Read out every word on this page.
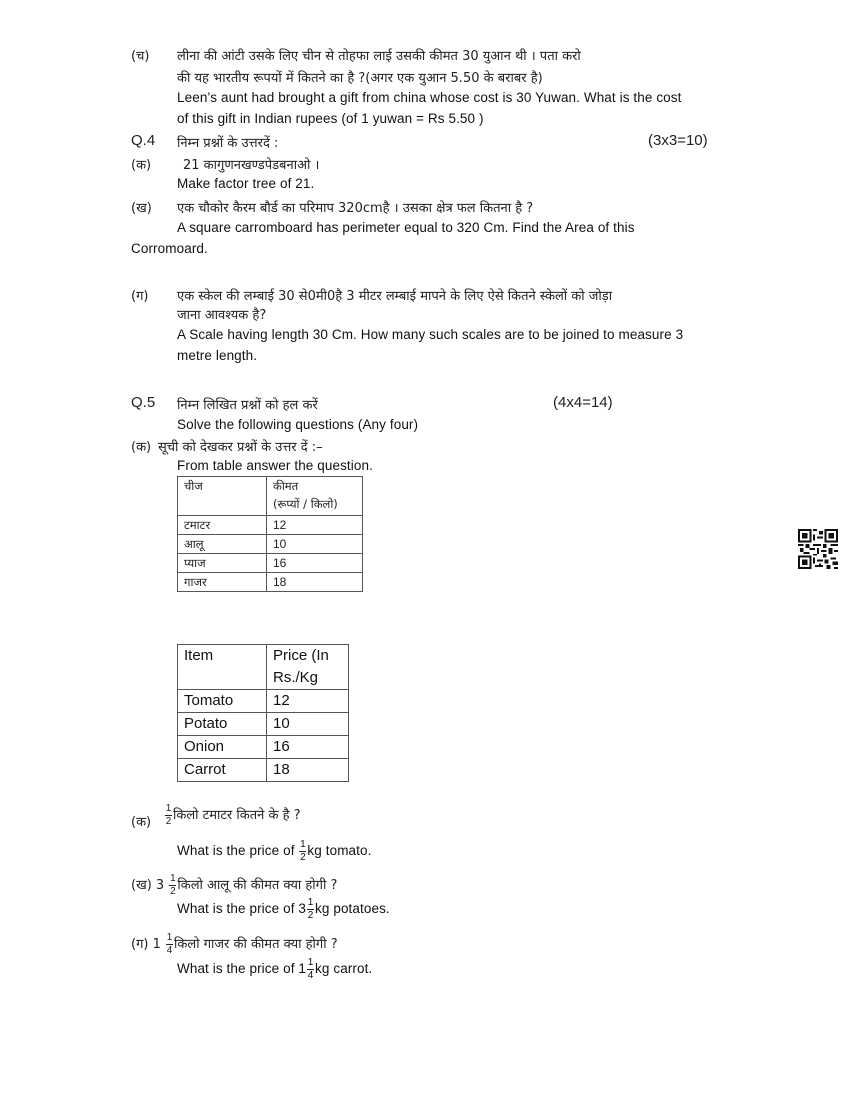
(च) लीना की आंटी उसके लिए चीन से तोहफा लाई उसकी कीमत 30 युआन थी । पता करो
की यह भारतीय रूपयों में कितने का है ?(अगर एक युआन 5.50 के बराबर है)
Leen’s aunt had brought a gift from china whose cost is 30 Yuwan. What is the cost
of this gift in Indian rupees (of 1 yuwan = Rs 5.50 )
Q.4 निम्न प्रश्नों के उत्तरदें :	(3x3=10)
(क) 21 कागुणनखण्डपेडबनाओ ।
Make factor tree of 21.
(ख) एक चौकोर कैरम बौर्ड का परिमाप 320cmहै । उसका क्षेत्र फल कितना है ?
A square carromboard has perimeter equal to 320 Cm. Find the Area of this
Corromoard.
(ग) एक स्केल की लम्बाई 30 से0मी0है 3 मीटर लम्बाई मापने के लिए ऐसे कितने स्केलों को जोड़ा
जाना आवश्यक है?
A Scale having length 30 Cm. How many such scales are to be joined to measure 3
metre length.
Q.5 निम्न लिखित प्रश्नों को हल करें	(4x4=14)
Solve the following questions (Any four)
(क) सूची को देखकर प्रश्नों के उत्तर दें :–
From table answer the question.
चीज	कीमत
(रूप्यों / किलो)

टमाटर	12
आलू	10
प्याज	16
गाजर	18
Item	Price (In
Rs./Kg

Tomato	12
Potato	10
Onion	16
Carrot	18
(क) $\frac{1}{2}$ किलो टमाटर कितने के है ?
What is the price of $\frac{1}{2}$ kg tomato.
(ख) $3 \frac{1}{2}$ किलो आलू की कीमत क्या होगी ?
What is the price of $3 \frac{1}{2}$ kg potatoes.
(ग) $1 \frac{1}{4}$ किलो गाजर की कीमत क्या होगी ?
What is the price of $1 \frac{1}{4}$ kg carrot.
